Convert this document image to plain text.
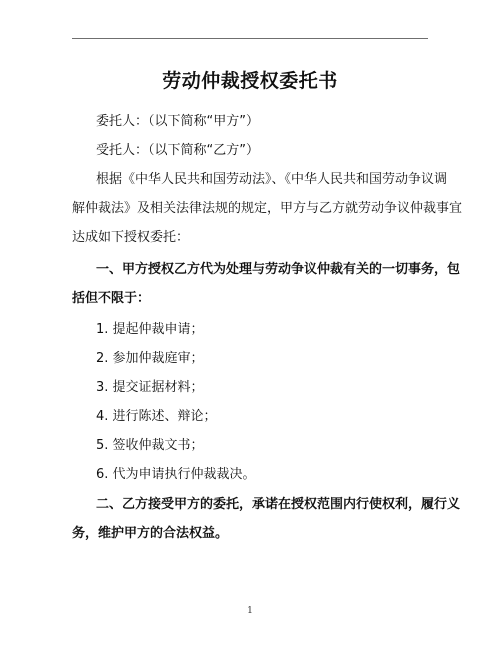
劳动仲裁授权委托书
委托人：（以下简称“甲方”）
受托人：（以下简称“乙方”）
根据《中华人民共和国劳动法》、《中华人民共和国劳动争议调
解仲裁法》及相关法律法规的规定，甲方与乙方就劳动争议仲裁事宜
达成如下授权委托：
一、甲方授权乙方代为处理与劳动争议仲裁有关的一切事务，包
括但不限于：
1. 提起仲裁申请；
2. 参加仲裁庭审；
3. 提交证据材料；
4. 进行陈述、辩论；
5. 签收仲裁文书；
6. 代为申请执行仲裁裁决。
二、乙方接受甲方的委托，承诺在授权范围内行使权利，履行义
务，维护甲方的合法权益。
1
